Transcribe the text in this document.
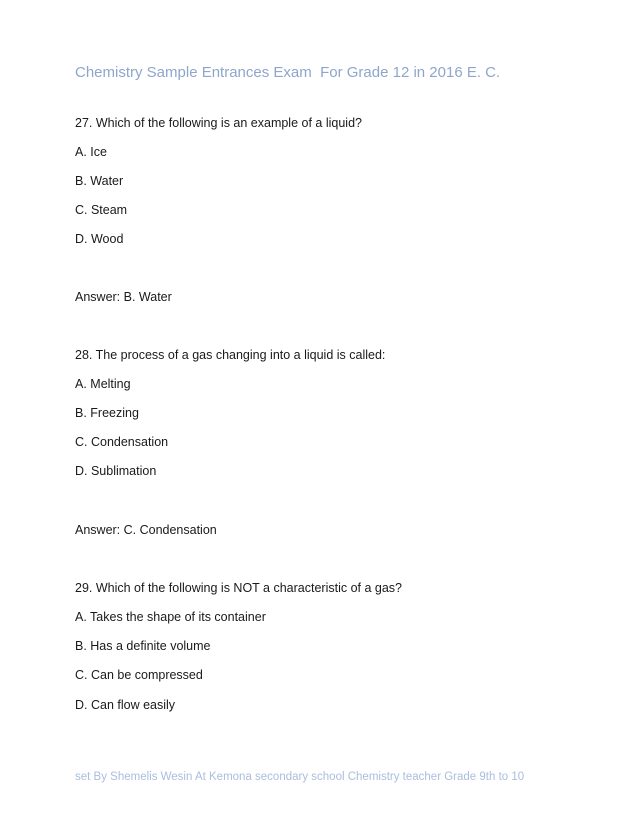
Chemistry Sample Entrances Exam  For Grade 12 in 2016 E. C.
27. Which of the following is an example of a liquid?
A. Ice
B. Water
C. Steam
D. Wood
Answer: B. Water
28. The process of a gas changing into a liquid is called:
A. Melting
B. Freezing
C. Condensation
D. Sublimation
Answer: C. Condensation
29. Which of the following is NOT a characteristic of a gas?
A. Takes the shape of its container
B. Has a definite volume
C. Can be compressed
D. Can flow easily
set By Shemelis Wesin At Kemona secondary school Chemistry teacher Grade 9th to 10
